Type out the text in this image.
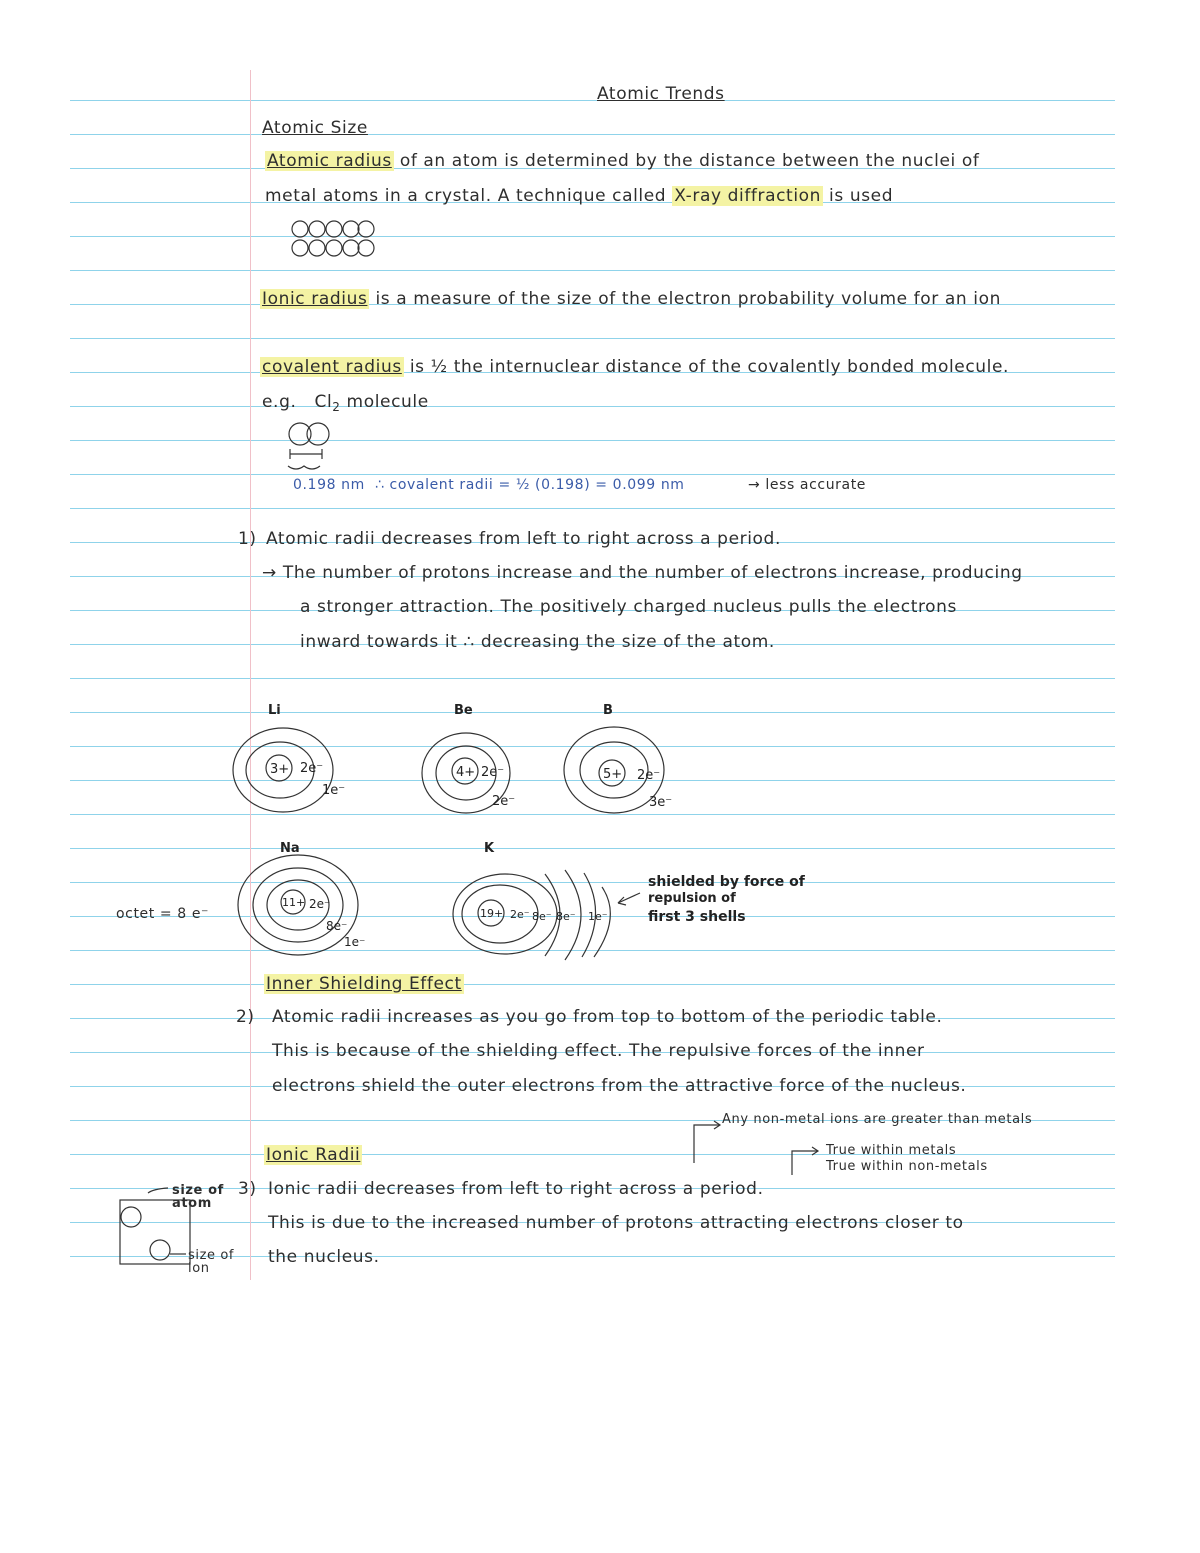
Atomic Trends
Atomic Size
Atomic radius of an atom is determined by the distance between the nuclei of
metal atoms in a crystal. A technique called X-ray diffraction is used
Ionic radius is a measure of the size of the electron probability volume for an ion
covalent radius is ½ the internuclear distance of the covalently bonded molecule.
e.g. $Cl_2$ molecule
0.198 nm ∴ covalent radii = ½ (0.198) = 0.099 nm	→ less accurate
1) Atomic radii decreases from left to right across a period.
→ The number of protons increase and the number of electrons increase, producing
a stronger attraction. The positively charged nucleus pulls the electrons
inward towards it ∴ decreasing the size of the atom.
octet = 8 e⁻
Inner Shielding Effect
2) Atomic radii increases as you go from top to bottom of the periodic table.
This is because of the shielding effect. The repulsive forces of the inner
electrons shield the outer electrons from the attractive force of the nucleus.
Any non-metal ions are greater than metals
Ionic Radii	True within metals
True within non-metals
3) Ionic radii decreases from left to right across a period.
This is due to the increased number of protons attracting electrons closer to
the nucleus.
size of atom
size of ion
Li
3+ 2e⁻
1e⁻
Be
4+ 2e⁻
2e⁻
B
5+ 2e⁻
3e⁻
Na
11+ 2e⁻
8e⁻
1e⁻
K
19+ 2e⁻ 8e⁻ 8e⁻ 1e⁻
shielded by force of
repulsion of
first 3 shells
